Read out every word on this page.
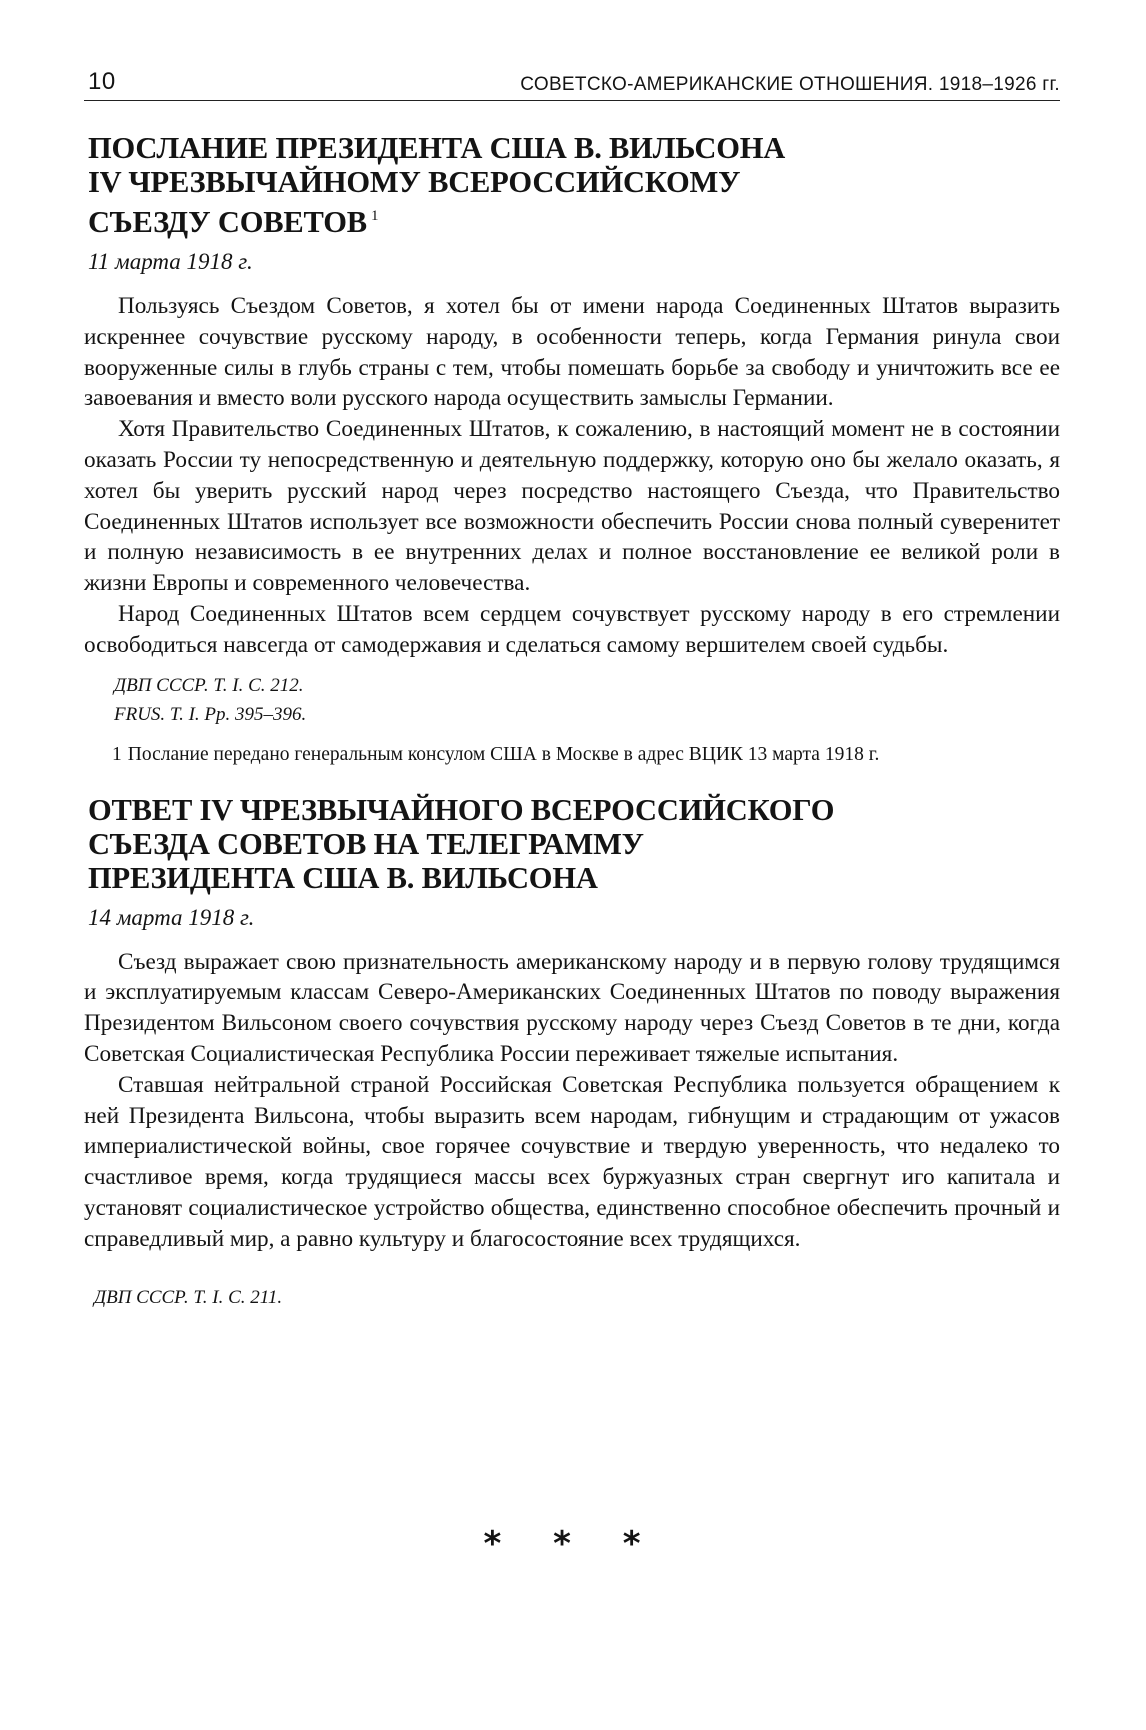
10	СОВЕТСКО-АМЕРИКАНСКИЕ ОТНОШЕНИЯ. 1918–1926 гг.
ПОСЛАНИЕ ПРЕЗИДЕНТА США В. ВИЛЬСОНА
IV ЧРЕЗВЫЧАЙНОМУ ВСЕРОССИЙСКОМУ
СЪЕЗДУ СОВЕТОВ $^1$
11 марта 1918 г.

Пользуясь Съездом Советов, я хотел бы от имени народа Соединенных Штатов выразить искреннее сочувствие русскому народу, в особенности теперь, когда Германия ринула свои вооруженные силы в глубь страны с тем, чтобы помешать борьбе за свободу и уничтожить все ее завоевания и вместо воли русского народа осуществить замыслы Германии.

Хотя Правительство Соединенных Штатов, к сожалению, в настоящий момент не в состоянии оказать России ту непосредственную и деятельную поддержку, которую оно бы желало оказать, я хотел бы уверить русский народ через посредство настоящего Съезда, что Правительство Соединенных Штатов использует все возможности обеспечить России снова полный суверенитет и полную независимость в ее внутренних делах и полное восстановление ее великой роли в жизни Европы и современного человечества.

Народ Соединенных Штатов всем сердцем сочувствует русскому народу в его стремлении освободиться навсегда от самодержавия и сделаться самому вершителем своей судьбы.

ДВП СССР. Т. I. С. 212.
FRUS. T. I. Pp. 395–396.

1 Послание передано генеральным консулом США в Москве в адрес ВЦИК 13 марта 1918 г.

ОТВЕТ IV ЧРЕЗВЫЧАЙНОГО ВСЕРОССИЙСКОГО
СЪЕЗДА СОВЕТОВ НА ТЕЛЕГРАММУ
ПРЕЗИДЕНТА США В. ВИЛЬСОНА
14 марта 1918 г.

Съезд выражает свою признательность американскому народу и в первую голову трудящимся и эксплуатируемым классам Северо-Американских Соединенных Штатов по поводу выражения Президентом Вильсоном своего сочувствия русскому народу через Съезд Советов в те дни, когда Советская Социалистическая Республика России переживает тяжелые испытания.

Ставшая нейтральной страной Российская Советская Республика пользуется обращением к ней Президента Вильсона, чтобы выразить всем народам, гибнущим и страдающим от ужасов империалистической войны, свое горячее сочувствие и твердую уверенность, что недалеко то счастливое время, когда трудящиеся массы всех буржуазных стран свергнут иго капитала и установят социалистическое устройство общества, единственно способное обеспечить прочный и справедливый мир, а равно культуру и благосостояние всех трудящихся.

ДВП СССР. Т. I. С. 211.
* * *
